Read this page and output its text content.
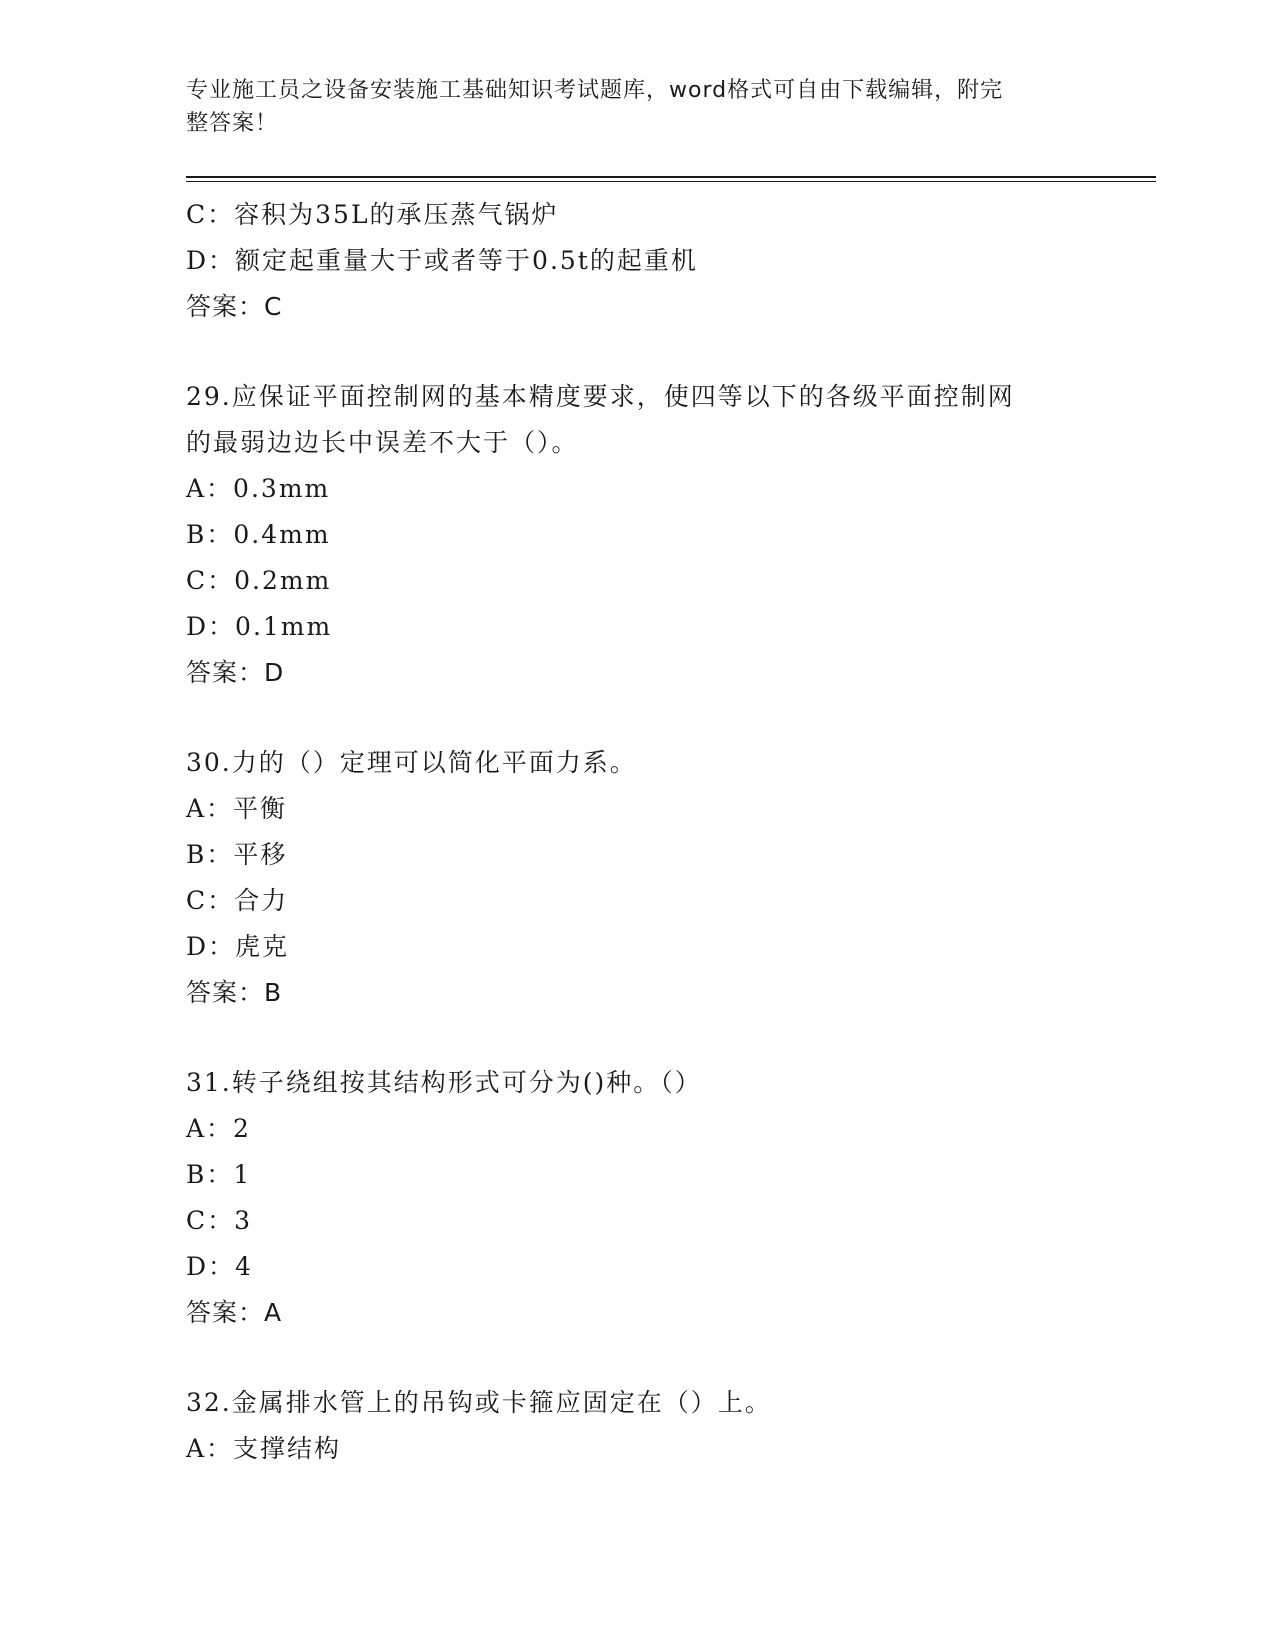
专业施工员之设备安装施工基础知识考试题库，word格式可自由下载编辑，附完
整答案！
C：容积为35L的承压蒸气锅炉
D：额定起重量大于或者等于0.5t的起重机
答案：C
29.应保证平面控制网的基本精度要求，使四等以下的各级平面控制网
的最弱边边长中误差不大于（）。
A：0.3mm
B：0.4mm
C：0.2mm
D：0.1mm
答案：D
30.力的（）定理可以简化平面力系。
A：平衡
B：平移
C：合力
D：虎克
答案：B
31.转子绕组按其结构形式可分为()种。（）
A：2
B：1
C：3
D：4
答案：A
32.金属排水管上的吊钩或卡箍应固定在（）上。
A：支撑结构
